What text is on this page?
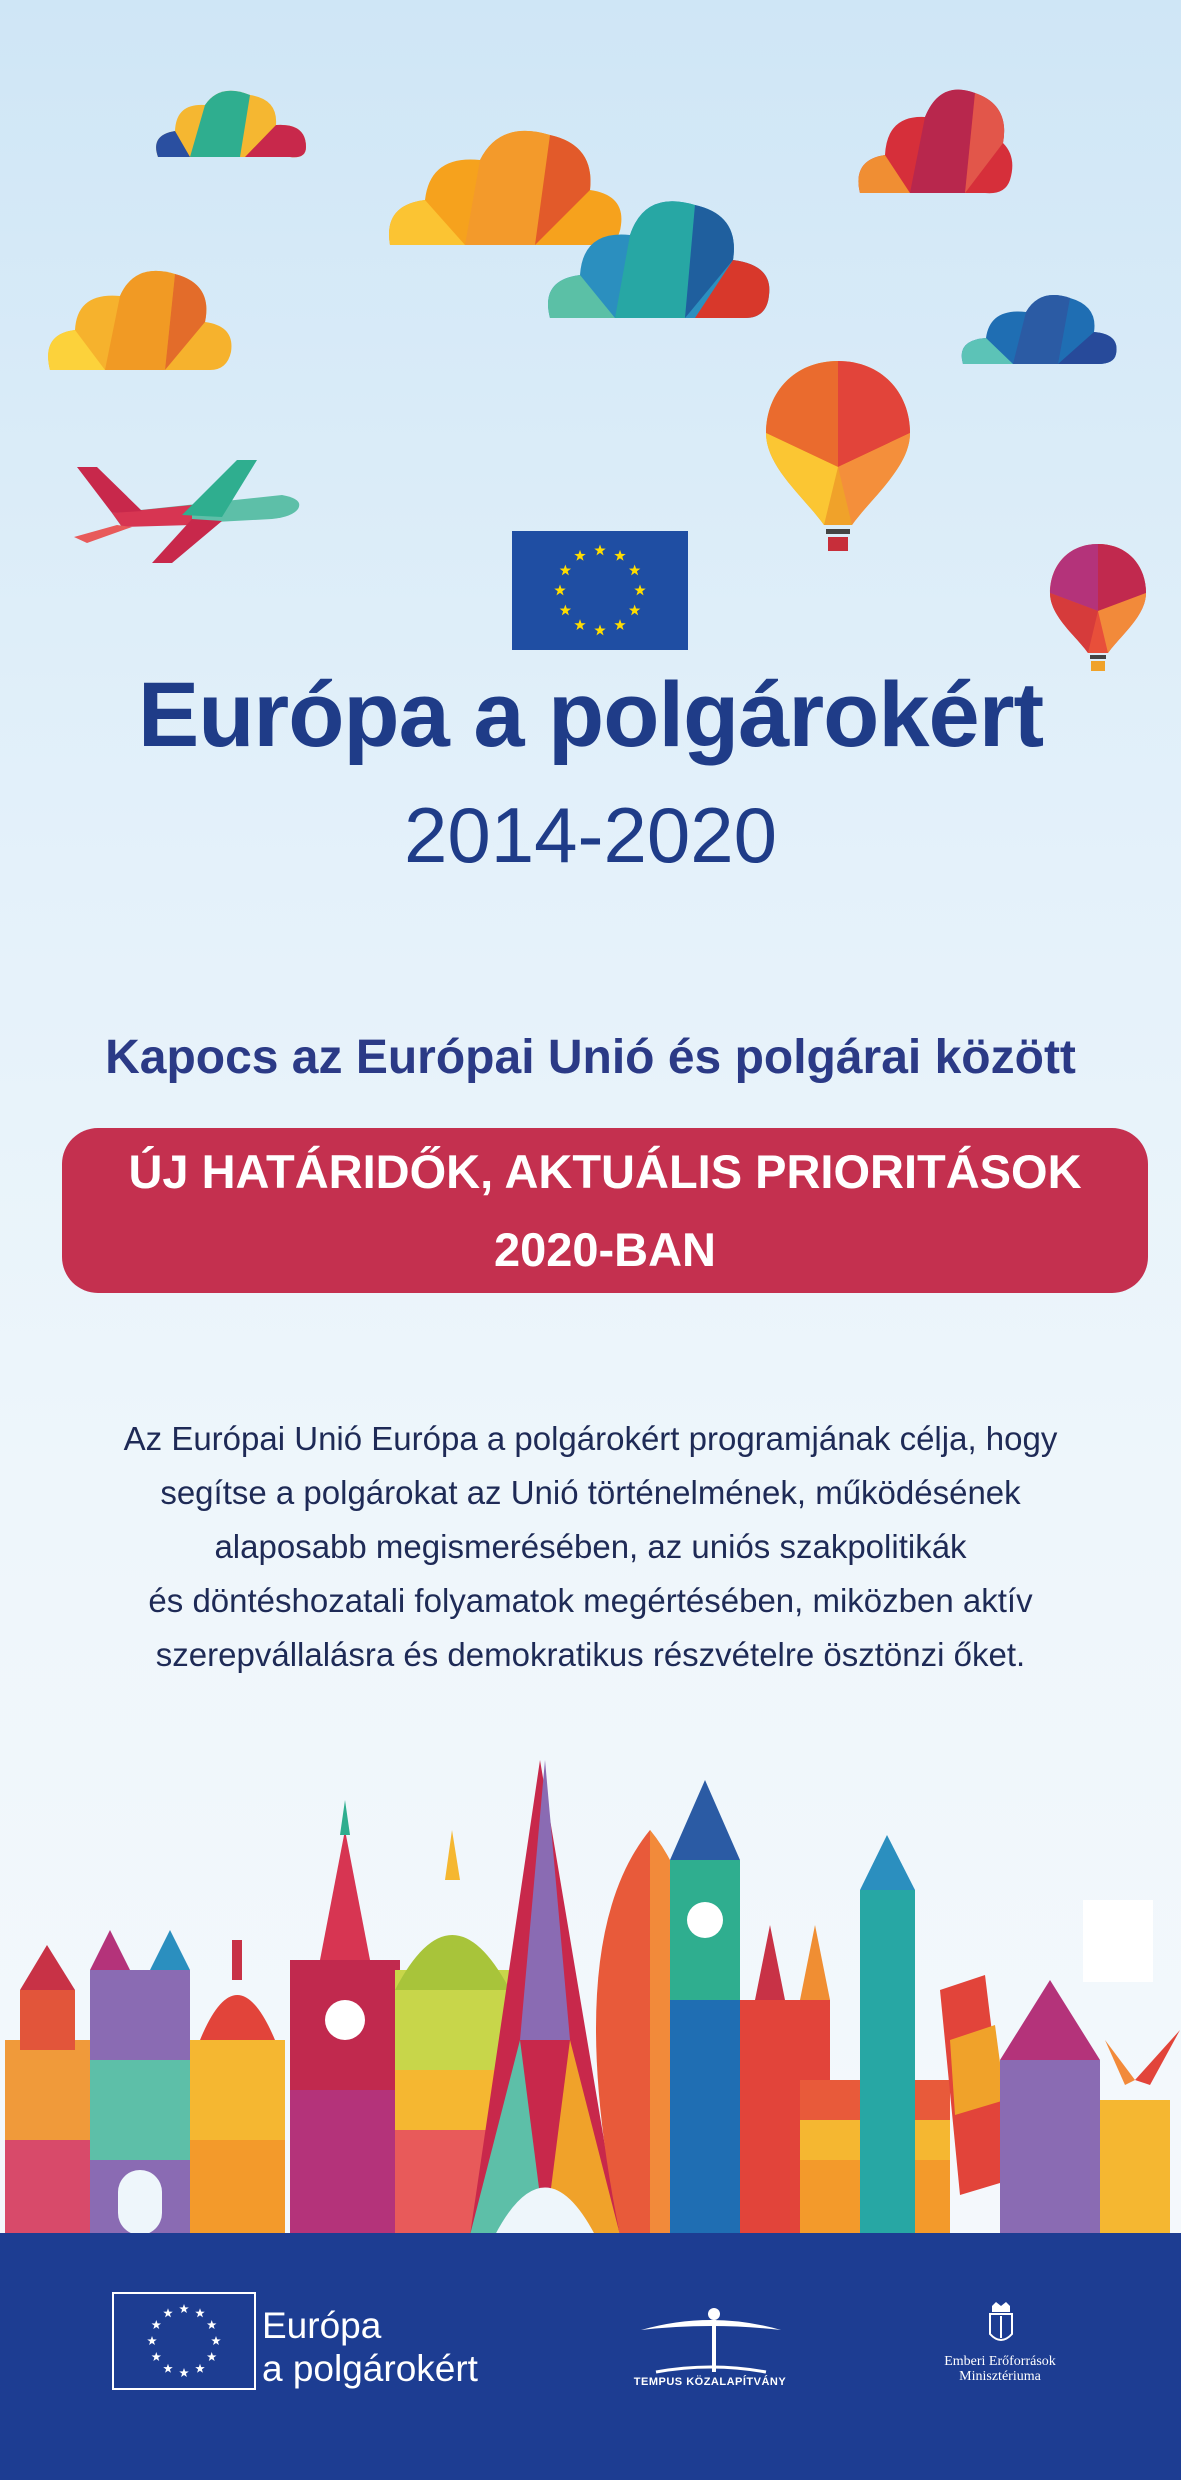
Európa a polgárokért
2014-2020
Kapocs az Európai Unió és polgárai között
ÚJ HATÁRIDŐK, AKTUÁLIS PRIORITÁSOK
2020-BAN
Az Európai Unió Európa a polgárokért programjának célja, hogy
segítse a polgárokat az Unió történelmének, működésének
alaposabb megismerésében, az uniós szakpolitikák
és döntéshozatali folyamatok megértésében, miközben aktív
szerepvállalásra és demokratikus részvételre ösztönzi őket.
Európa
a polgárokért	TEMPUS KÖZALAPÍTVÁNY
Emberi Erőforrások
Minisztériuma
